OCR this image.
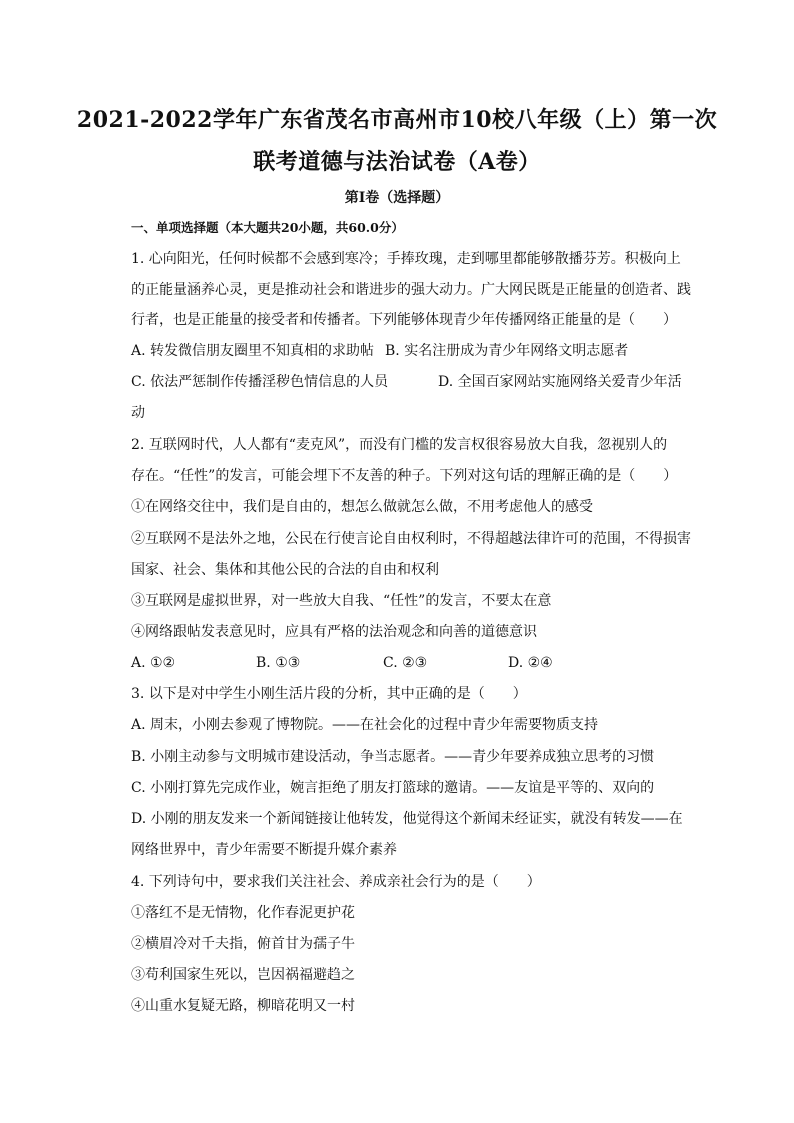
2021-2022学年广东省茂名市高州市10校八年级（上）第一次
联考道德与法治试卷（A卷）
第I卷（选择题）
一、单项选择题（本大题共20小题，共60.0分）
1. 心向阳光，任何时候都不会感到寒冷；手捧玫瑰，走到哪里都能够散播芬芳。积极向上
的正能量涵养心灵，更是推动社会和谐进步的强大动力。广大网民既是正能量的创造者、践
行者，也是正能量的接受者和传播者。下列能够体现青少年传播网络正能量的是（　　）
A. 转发微信朋友圈里不知真相的求助帖 B. 实名注册成为青少年网络文明志愿者
C. 依法严惩制作传播淫秽色情信息的人员	D. 全国百家网站实施网络关爱青少年活
动
2. 互联网时代，人人都有“麦克风”，而没有门槛的发言权很容易放大自我，忽视别人的
存在。“任性”的发言，可能会埋下不友善的种子。下列对这句话的理解正确的是（　　）
①在网络交往中，我们是自由的，想怎么做就怎么做，不用考虑他人的感受
②互联网不是法外之地，公民在行使言论自由权利时，不得超越法律许可的范围，不得损害
国家、社会、集体和其他公民的合法的自由和权利
③互联网是虚拟世界，对一些放大自我、“任性”的发言，不要太在意
④网络跟帖发表意见时，应具有严格的法治观念和向善的道德意识
A. ①②	B. ①③	C. ②③	D. ②④
3. 以下是对中学生小刚生活片段的分析，其中正确的是（　　）
A. 周末，小刚去参观了博物院。——在社会化的过程中青少年需要物质支持
B. 小刚主动参与文明城市建设活动，争当志愿者。——青少年要养成独立思考的习惯
C. 小刚打算先完成作业，婉言拒绝了朋友打篮球的邀请。——友谊是平等的、双向的
D. 小刚的朋友发来一个新闻链接让他转发，他觉得这个新闻未经证实，就没有转发——在
网络世界中，青少年需要不断提升媒介素养
4. 下列诗句中，要求我们关注社会、养成亲社会行为的是（　　）
①落红不是无情物，化作春泥更护花
②横眉冷对千夫指，俯首甘为孺子牛
③苟利国家生死以，岂因祸福避趋之
④山重水复疑无路，柳暗花明又一村
